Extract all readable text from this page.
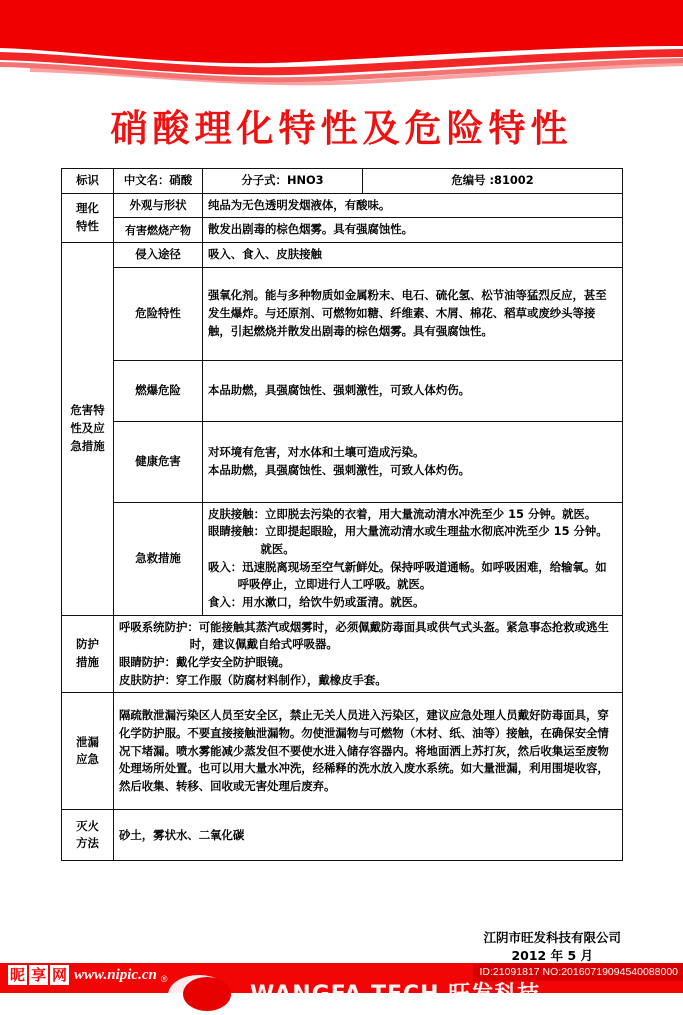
硝酸理化特性及危险特性
标识	中文名：硝酸	分子式：HNO3	危编号 :81002

理化
特性	外观与形状	纯品为无色透明发烟液体，有酸味。	
	有害燃烧产物	散发出剧毒的棕色烟雾。具有强腐蚀性。	

危害特
性及应
急措施	侵入途径	吸入、食入、皮肤接触	
	危险特性	强氧化剂。能与多种物质如金属粉末、电石、硫化氢、松节油等猛烈反应，甚至发生爆炸。与还原剂、可燃物如糖、纤维素、木屑、棉花、稻草或废纱头等接触，引起燃烧并散发出剧毒的棕色烟雾。具有强腐蚀性。	
	燃爆危险	本品助燃，具强腐蚀性、强刺激性，可致人体灼伤。	
	健康危害	对环境有危害，对水体和土壤可造成污染。
本品助燃，具强腐蚀性、强刺激性，可致人体灼伤。	

	急救措施	皮肤接触：立即脱去污染的衣着，用大量流动清水冲洗至少 15 分钟。就医。
眼睛接触：立即提起眼睑，用大量流动清水或生理盐水彻底冲洗至少 15 分钟。就医。
吸入：迅速脱离现场至空气新鲜处。保持呼吸道通畅。如呼吸困难，给输氧。如呼吸停止，立即进行人工呼吸。就医。
食入：用水漱口，给饮牛奶或蛋清。就医。	

防护
措施	呼吸系统防护：可能接触其蒸汽或烟雾时，必须佩戴防毒面具或供气式头盔。紧急事态抢救或逃生时，建议佩戴自给式呼吸器。
眼睛防护：戴化学安全防护眼镜。
皮肤防护：穿工作服（防腐材料制作），戴橡皮手套。		

泄漏
应急	隔疏散泄漏污染区人员至安全区，禁止无关人员进入污染区，建议应急处理人员戴好防毒面具，穿化学防护服。不要直接接触泄漏物。勿使泄漏物与可燃物（木材、纸、油等）接触，在确保安全情况下堵漏。喷水雾能减少蒸发但不要使水进入储存容器内。将地面洒上苏打灰，然后收集运至废物处理场所处置。也可以用大量水冲洗，经稀释的洗水放入废水系统。如大量泄漏，利用围堤收容，然后收集、转移、回收或无害处理后废弃。		

灭火
方法	砂土，雾状水、二氧化碳		
江阴市旺发科技有限公司
2012 年 5 月
WANGFA TECH 旺发科技
昵 享 网 www.nipic.cn ®
ID:21091817 NO:20160719094540088000
